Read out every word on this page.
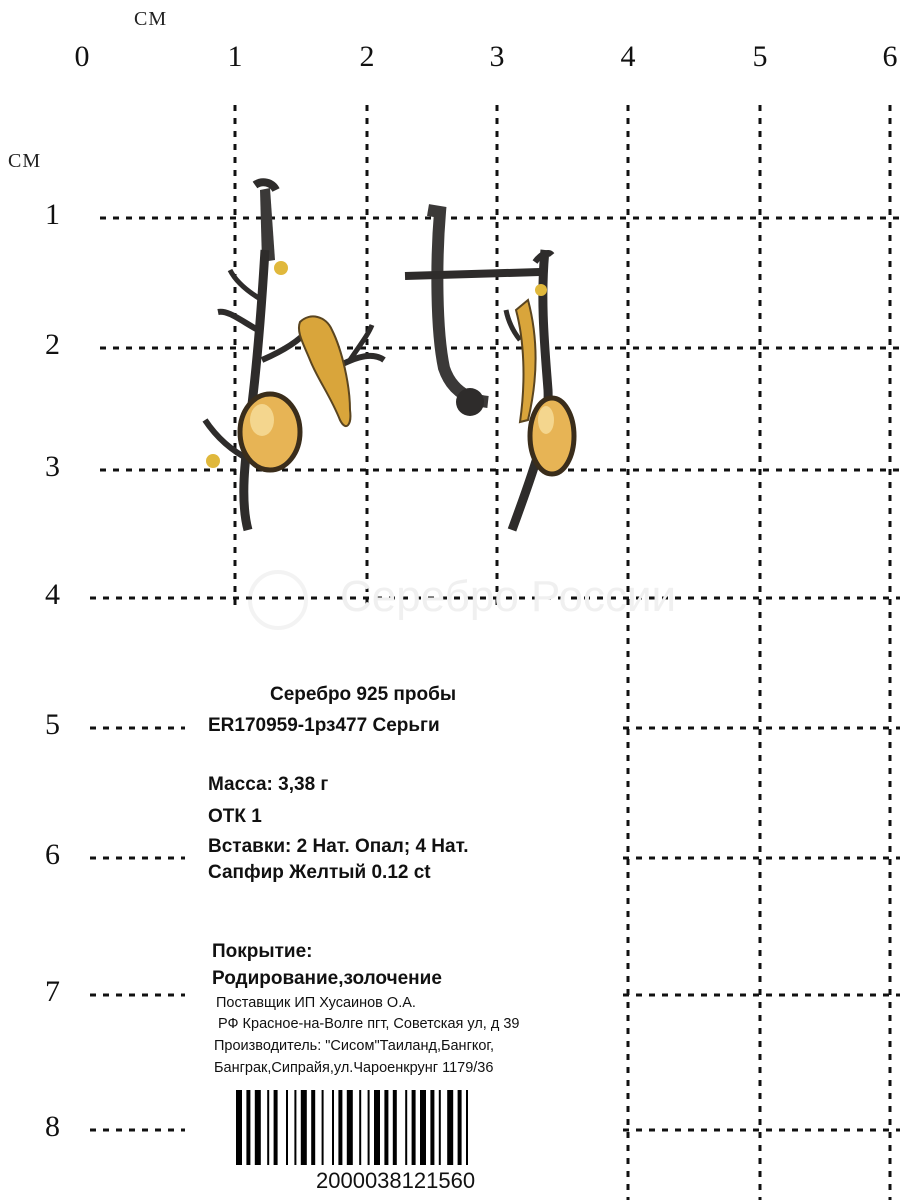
Серебро России
CM
CM
0	1	2	3	4	5	6
1
2
3
4
5
6
7
8
Серебро 925 пробы
ER170959-1рз477 Серьги
Масса: 3,38 г
ОТК 1
Вставки: 2 Нат. Опал; 4 Нат.
Сапфир Желтый 0.12 ct
Покрытие:
Родирование,золочение
Поставщик ИП Хусаинов О.А.
РФ Красное-на-Волге пгт, Советская ул, д 39
Производитель: "Сисом"Таиланд,Бангког,
Банграк,Сипрайя,ул.Чароенкрунг 1179/36
2000038121560
